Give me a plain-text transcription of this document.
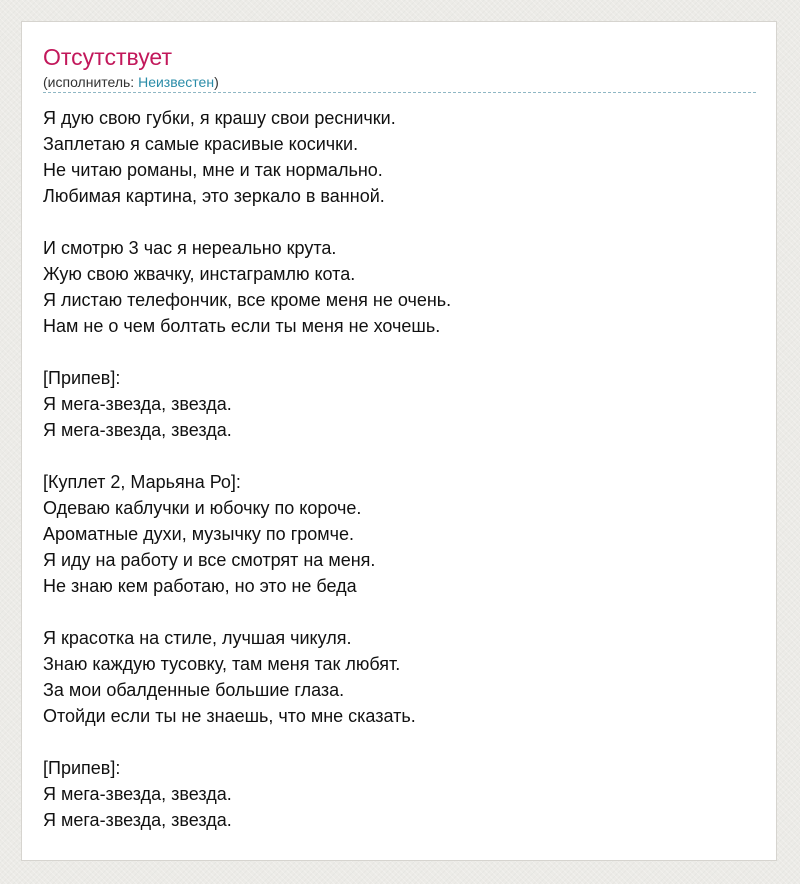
Отсутствует
(исполнитель: Неизвестен)
Я дую свою губки, я крашу свои реснички.
Заплетаю я самые красивые косички.
Не читаю романы, мне и так нормально.
Любимая картина, это зеркало в ванной.
И смотрю 3 час я нереально крута.
Жую свою жвачку, инстаграмлю кота.
Я листаю телефончик, все кроме меня не очень.
Нам не о чем болтать если ты меня не хочешь.
[Припев]:
Я мега-звезда, звезда.
Я мега-звезда, звезда.
[Куплет 2, Марьяна Ро]:
Одеваю каблучки и юбочку по короче.
Ароматные духи, музычку по громче.
Я иду на работу и все смотрят на меня.
Не знаю кем работаю, но это не беда
Я красотка на стиле, лучшая чикуля.
Знаю каждую тусовку, там меня так любят.
За мои обалденные большие глаза.
Отойди если ты не знаешь, что мне сказать.
[Припев]:
Я мега-звезда, звезда.
Я мега-звезда, звезда.
